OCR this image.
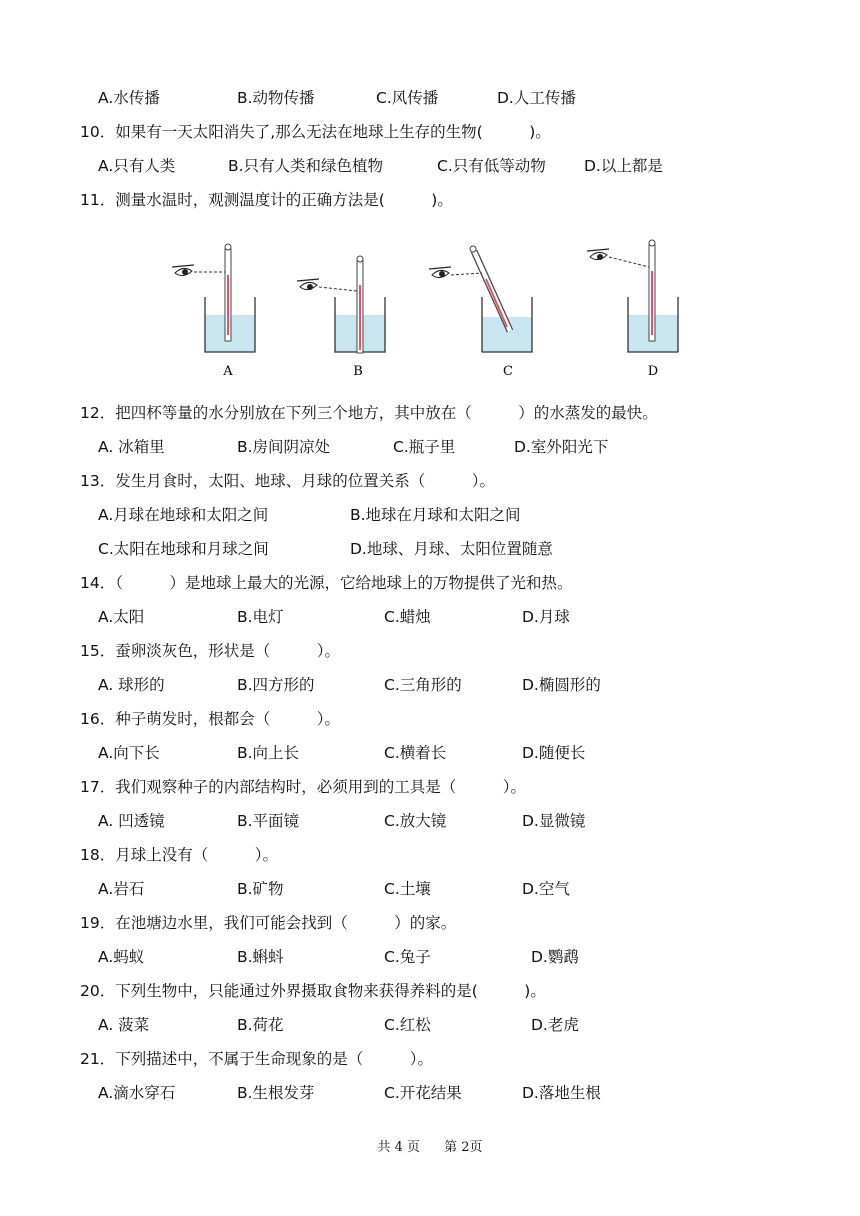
A.水传播	B.动物传播	C.风传播	D.人工传播
10．如果有一天太阳消失了,那么无法在地球上生存的生物(　　　)。
A.只有人类	B.只有人类和绿色植物	C.只有低等动物 D.以上都是
11．测量水温时，观测温度计的正确方法是(　　　)。
A	B	C	D
12．把四杯等量的水分别放在下列三个地方，其中放在（　　　）的水蒸发的最快。
A. 冰箱里	B.房间阴凉处	C.瓶子里	D.室外阳光下
13．发生月食时，太阳、地球、月球的位置关系（　　　）。
A.月球在地球和太阳之间	B.地球在月球和太阳之间
C.太阳在地球和月球之间	D.地球、月球、太阳位置随意
14．（　　　）是地球上最大的光源，它给地球上的万物提供了光和热。
A.太阳	B.电灯	C.蜡烛	D.月球
15．蚕卵淡灰色，形状是（　　　）。
A. 球形的	B.四方形的	C.三角形的	D.椭圆形的
16．种子萌发时，根都会（　　　）。
A.向下长	B.向上长	C.横着长	D.随便长
17．我们观察种子的内部结构时，必须用到的工具是（　　　）。
A. 凹透镜	B.平面镜	C.放大镜	D.显微镜
18．月球上没有（　　　）。
A.岩石	B.矿物	C.土壤	D.空气
19．在池塘边水里，我们可能会找到（　　　）的家。
A.蚂蚁	B.蝌蚪	C.兔子	D.鹦鹉
20．下列生物中，只能通过外界摄取食物来获得养料的是(　　　)。
A. 菠菜	B.荷花	C.红松	D.老虎
21．下列描述中，不属于生命现象的是（　　　）。
A.滴水穿石	B.生根发芽	C.开花结果	D.落地生根
共 4 页 第 2页
